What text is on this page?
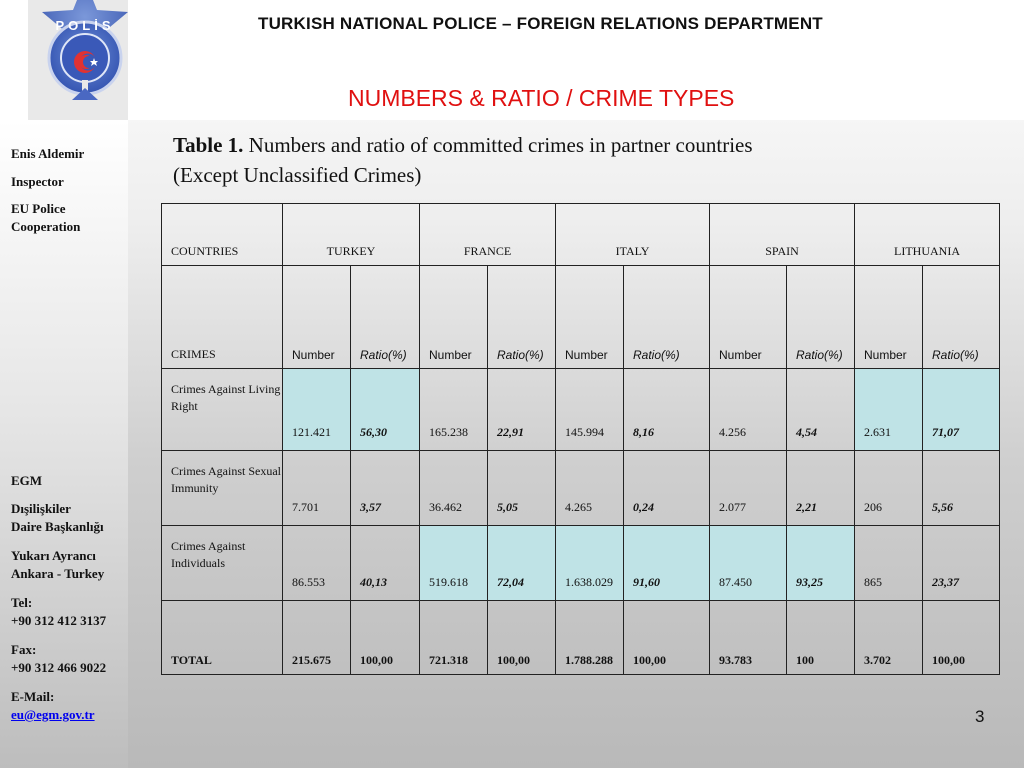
POLİS	TURKISH NATIONAL POLICE – FOREIGN RELATIONS DEPARTMENT
NUMBERS & RATIO / CRIME TYPES
Enis Aldemir
Inspector
EU Police
Cooperation
EGM
Dışilişkiler
Daire Başkanlığı
Yukarı Ayrancı
Ankara - Turkey
Tel:
+90 312 412 3137
Fax:
+90 312 466 9022
E-Mail:
eu@egm.gov.tr
Table 1. Numbers and ratio of committed crimes in partner countries
(Except Unclassified Crimes)
COUNTRIES	TURKEY		FRANCE		ITALY		SPAIN		LITHUANIA	
CRIMES	Number	Ratio(%)	Number	Ratio(%)	Number	Ratio(%)	Number	Ratio(%)	Number	Ratio(%)
Crimes Against Living Right	121.421	56,30	165.238	22,91	145.994	8,16	4.256	4,54	2.631	71,07
Crimes Against Sexual Immunity	7.701	3,57	36.462	5,05	4.265	0,24	2.077	2,21	206	5,56
Crimes Against Individuals	86.553	40,13	519.618	72,04	1.638.029	91,60	87.450	93,25	865	23,37
TOTAL	215.675	100,00	721.318	100,00	1.788.288	100,00	93.783	100	3.702	100,00
3
